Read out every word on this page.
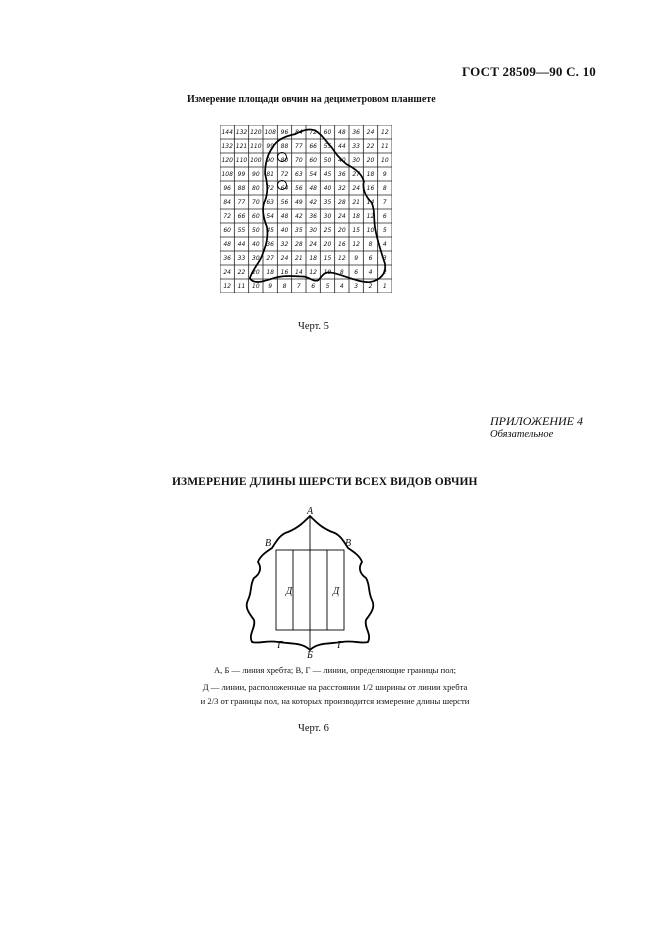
ГОСТ 28509—90 С. 10
Измерение площади овчин на дециметровом планшете
144 132 120 108 96 84 72 60 48 36 24 12
132 121 110 99 88 77 66 55 44 33 22 11
120 110 100 90 80 70 60 50 40 30 20 10
108 99 90 81 72 63 54 45 36 27 18 9
96 88 80 72 64 56 48 40 32 24 16 8
84 77 70 63 56 49 42 35 28 21 14 7
72 66 60 54 48 42 36 30 24 18 12 6
60 55 50 45 40 35 30 25 20 15 10 5
48 44 40 36 32 28 24 20 16 12 8 4
36 33 30 27 24 21 18 15 12 9 6 3
24 22 20 18 16 14 12 10 8 6 4 2
12 11 10 9 8 7 6 5 4 3 2 1
Черт. 5
ПРИЛОЖЕНИЕ 4
Обязательное
ИЗМЕРЕНИЕ ДЛИНЫ ШЕРСТИ ВСЕХ ВИДОВ ОВЧИН
А
Б
В	В
Г	Г
Д	Д
А, Б — линия хребта; В, Г — линии, определяющие границы пол;
Д — линии, расположенные на расстоянии 1/2 ширины от линии хребта
и 2/3 от границы пол, на которых производится измерение длины шерсти
Черт. 6
